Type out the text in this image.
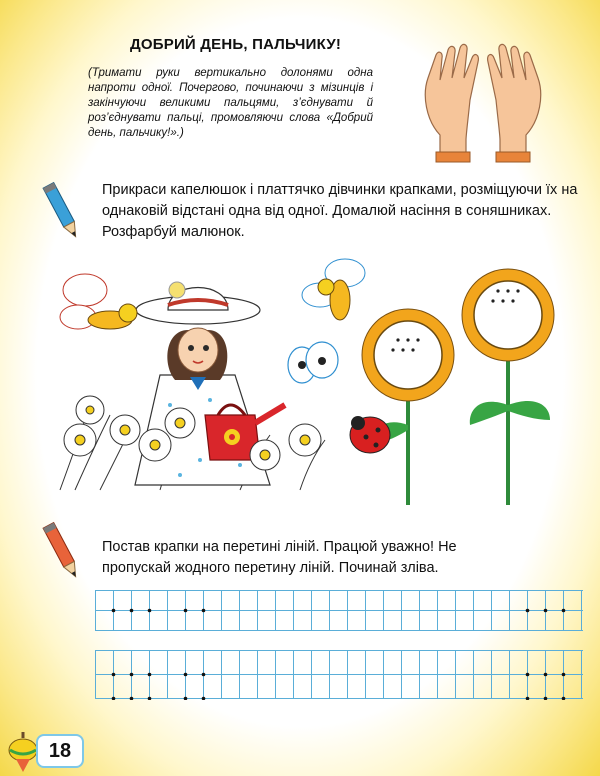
ДОБРИЙ ДЕНЬ, ПАЛЬЧИКУ!
(Тримати руки вертикально долонями одна напроти одної. Почергово, починаючи з мізинців і закінчуючи великими пальцями, з’єднувати й роз’єднувати пальці, промовляючи слова «Добрий день, пальчику!».)
Прикраси капелюшок і платтячко дівчинки крапками, розміщуючи їх на однаковій відстані одна від одної. Домалюй насіння в соняшниках. Розфарбуй малюнок.
Постав крапки на перетині ліній. Працюй уважно! Не пропускай жодного перетину ліній. Починай зліва.
18
